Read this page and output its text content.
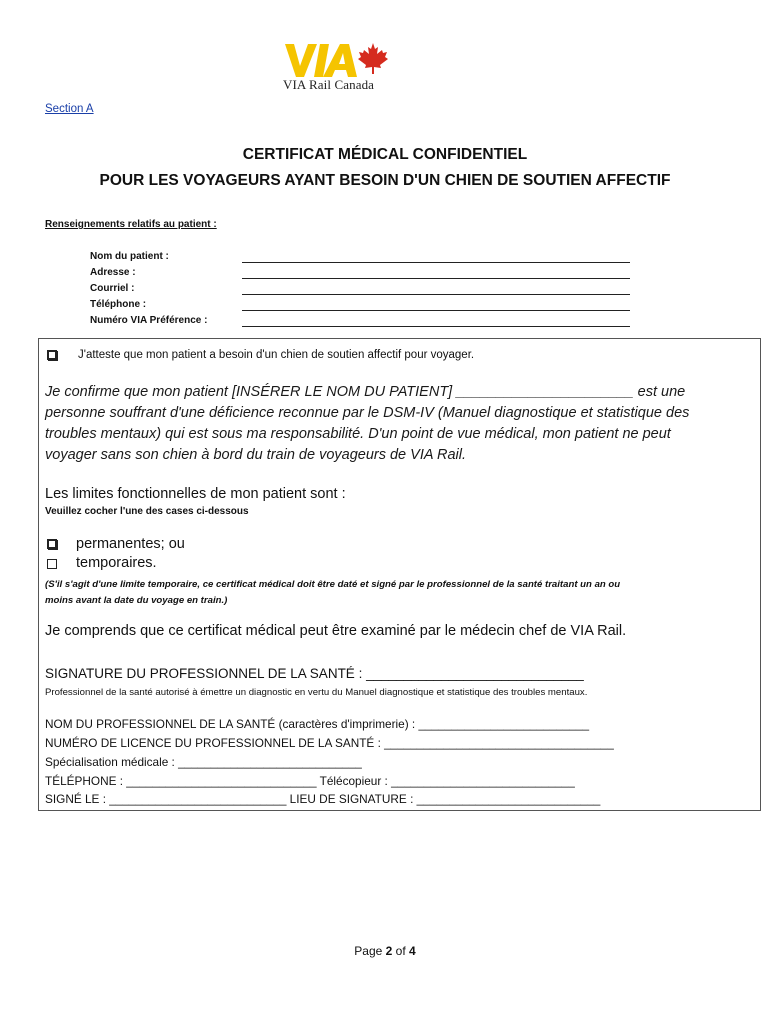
VIA Rail Canada
Section A
CERTIFICAT MÉDICAL CONFIDENTIEL
POUR LES VOYAGEURS AYANT BESOIN D'UN CHIEN DE SOUTIEN AFFECTIF
Renseignements relatifs au patient :
Nom du patient :
Adresse :
Courriel :
Téléphone :
Numéro VIA Préférence :
J'atteste que mon patient a besoin d'un chien de soutien affectif pour voyager.
Je confirme que mon patient [INSÉRER LE NOM DU PATIENT] ______________________ est une
personne souffrant d'une déficience reconnue par le DSM-IV (Manuel diagnostique et statistique des
troubles mentaux) qui est sous ma responsabilité. D'un point de vue médical, mon patient ne peut
voyager sans son chien à bord du train de voyageurs de VIA Rail.
Les limites fonctionnelles de mon patient sont :
Veuillez cocher l'une des cases ci-dessous
permanentes; ou
temporaires.
(S'il s'agit d'une limite temporaire, ce certificat médical doit être daté et signé par le professionnel de la santé traitant un an ou
moins avant la date du voyage en train.)
Je comprends que ce certificat médical peut être examiné par le médecin chef de VIA Rail.
SIGNATURE DU PROFESSIONNEL DE LA SANTÉ : _____________________________
Professionnel de la santé autorisé à émettre un diagnostic en vertu du Manuel diagnostique et statistique des troubles mentaux.
NOM DU PROFESSIONNEL DE LA SANTÉ (caractères d'imprimerie) : __________________________
NUMÉRO DE LICENCE DU PROFESSIONNEL DE LA SANTÉ : ___________________________________
Spécialisation médicale : ____________________________
TÉLÉPHONE : _____________________________ Télécopieur : ____________________________
SIGNÉ LE : ___________________________ LIEU DE SIGNATURE : ____________________________
Page 2 of 4
